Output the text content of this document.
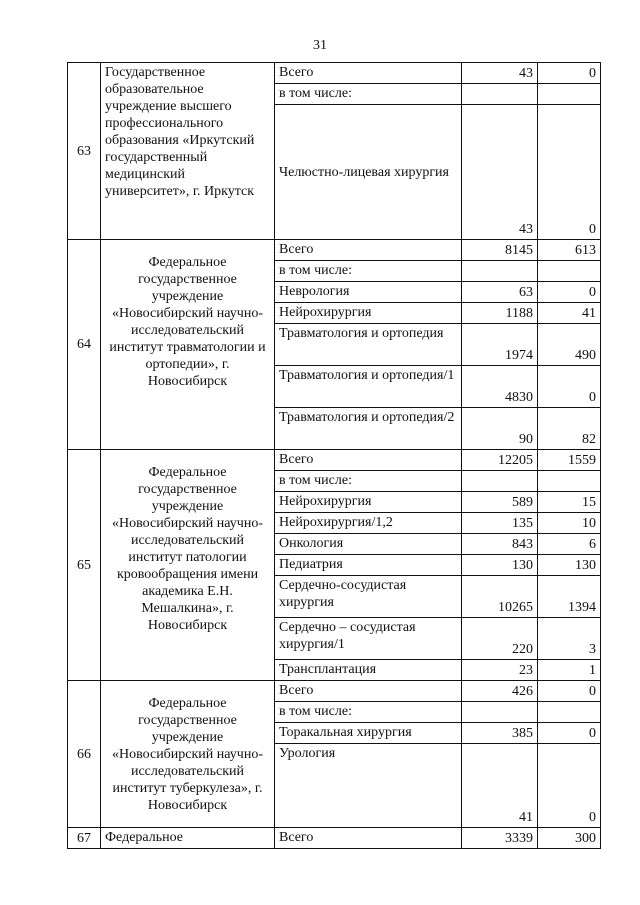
31
63	Государственное образовательное учреждение высшего профессионального образования «Иркутский государственный медицинский университет», г. Иркутск	Всего	43	0
		в том числе:		
		Челюстно-лицевая хирургия	43	0
64	Федеральное государственное учреждение «Новосибирский научно-исследовательский институт травматологии и ортопедии», г. Новосибирск	Всего	8145	613
		в том числе:		
		Неврология	63	0
		Нейрохирургия	1188	41
		Травматология и ортопедия	1974	490
		Травматология и ортопедия/1	4830	0
		Травматология и ортопедия/2	90	82
65	Федеральное государственное учреждение «Новосибирский научно-исследовательский институт патологии кровообращения имени академика Е.Н. Мешалкина», г. Новосибирск	Всего	12205	1559
		в том числе:		
		Нейрохирургия	589	15
		Нейрохирургия/1,2	135	10
		Онкология	843	6
		Педиатрия	130	130
		Сердечно-сосудистая хирургия	10265	1394
		Сердечно – сосудистая хирургия/1	220	3
		Трансплантация	23	1
66	Федеральное государственное учреждение «Новосибирский научно-исследовательский институт туберкулеза», г. Новосибирск	Всего	426	0
		в том числе:		
		Торакальная хирургия	385	0
		Урология	41	0
67	Федеральное	Всего	3339	300
